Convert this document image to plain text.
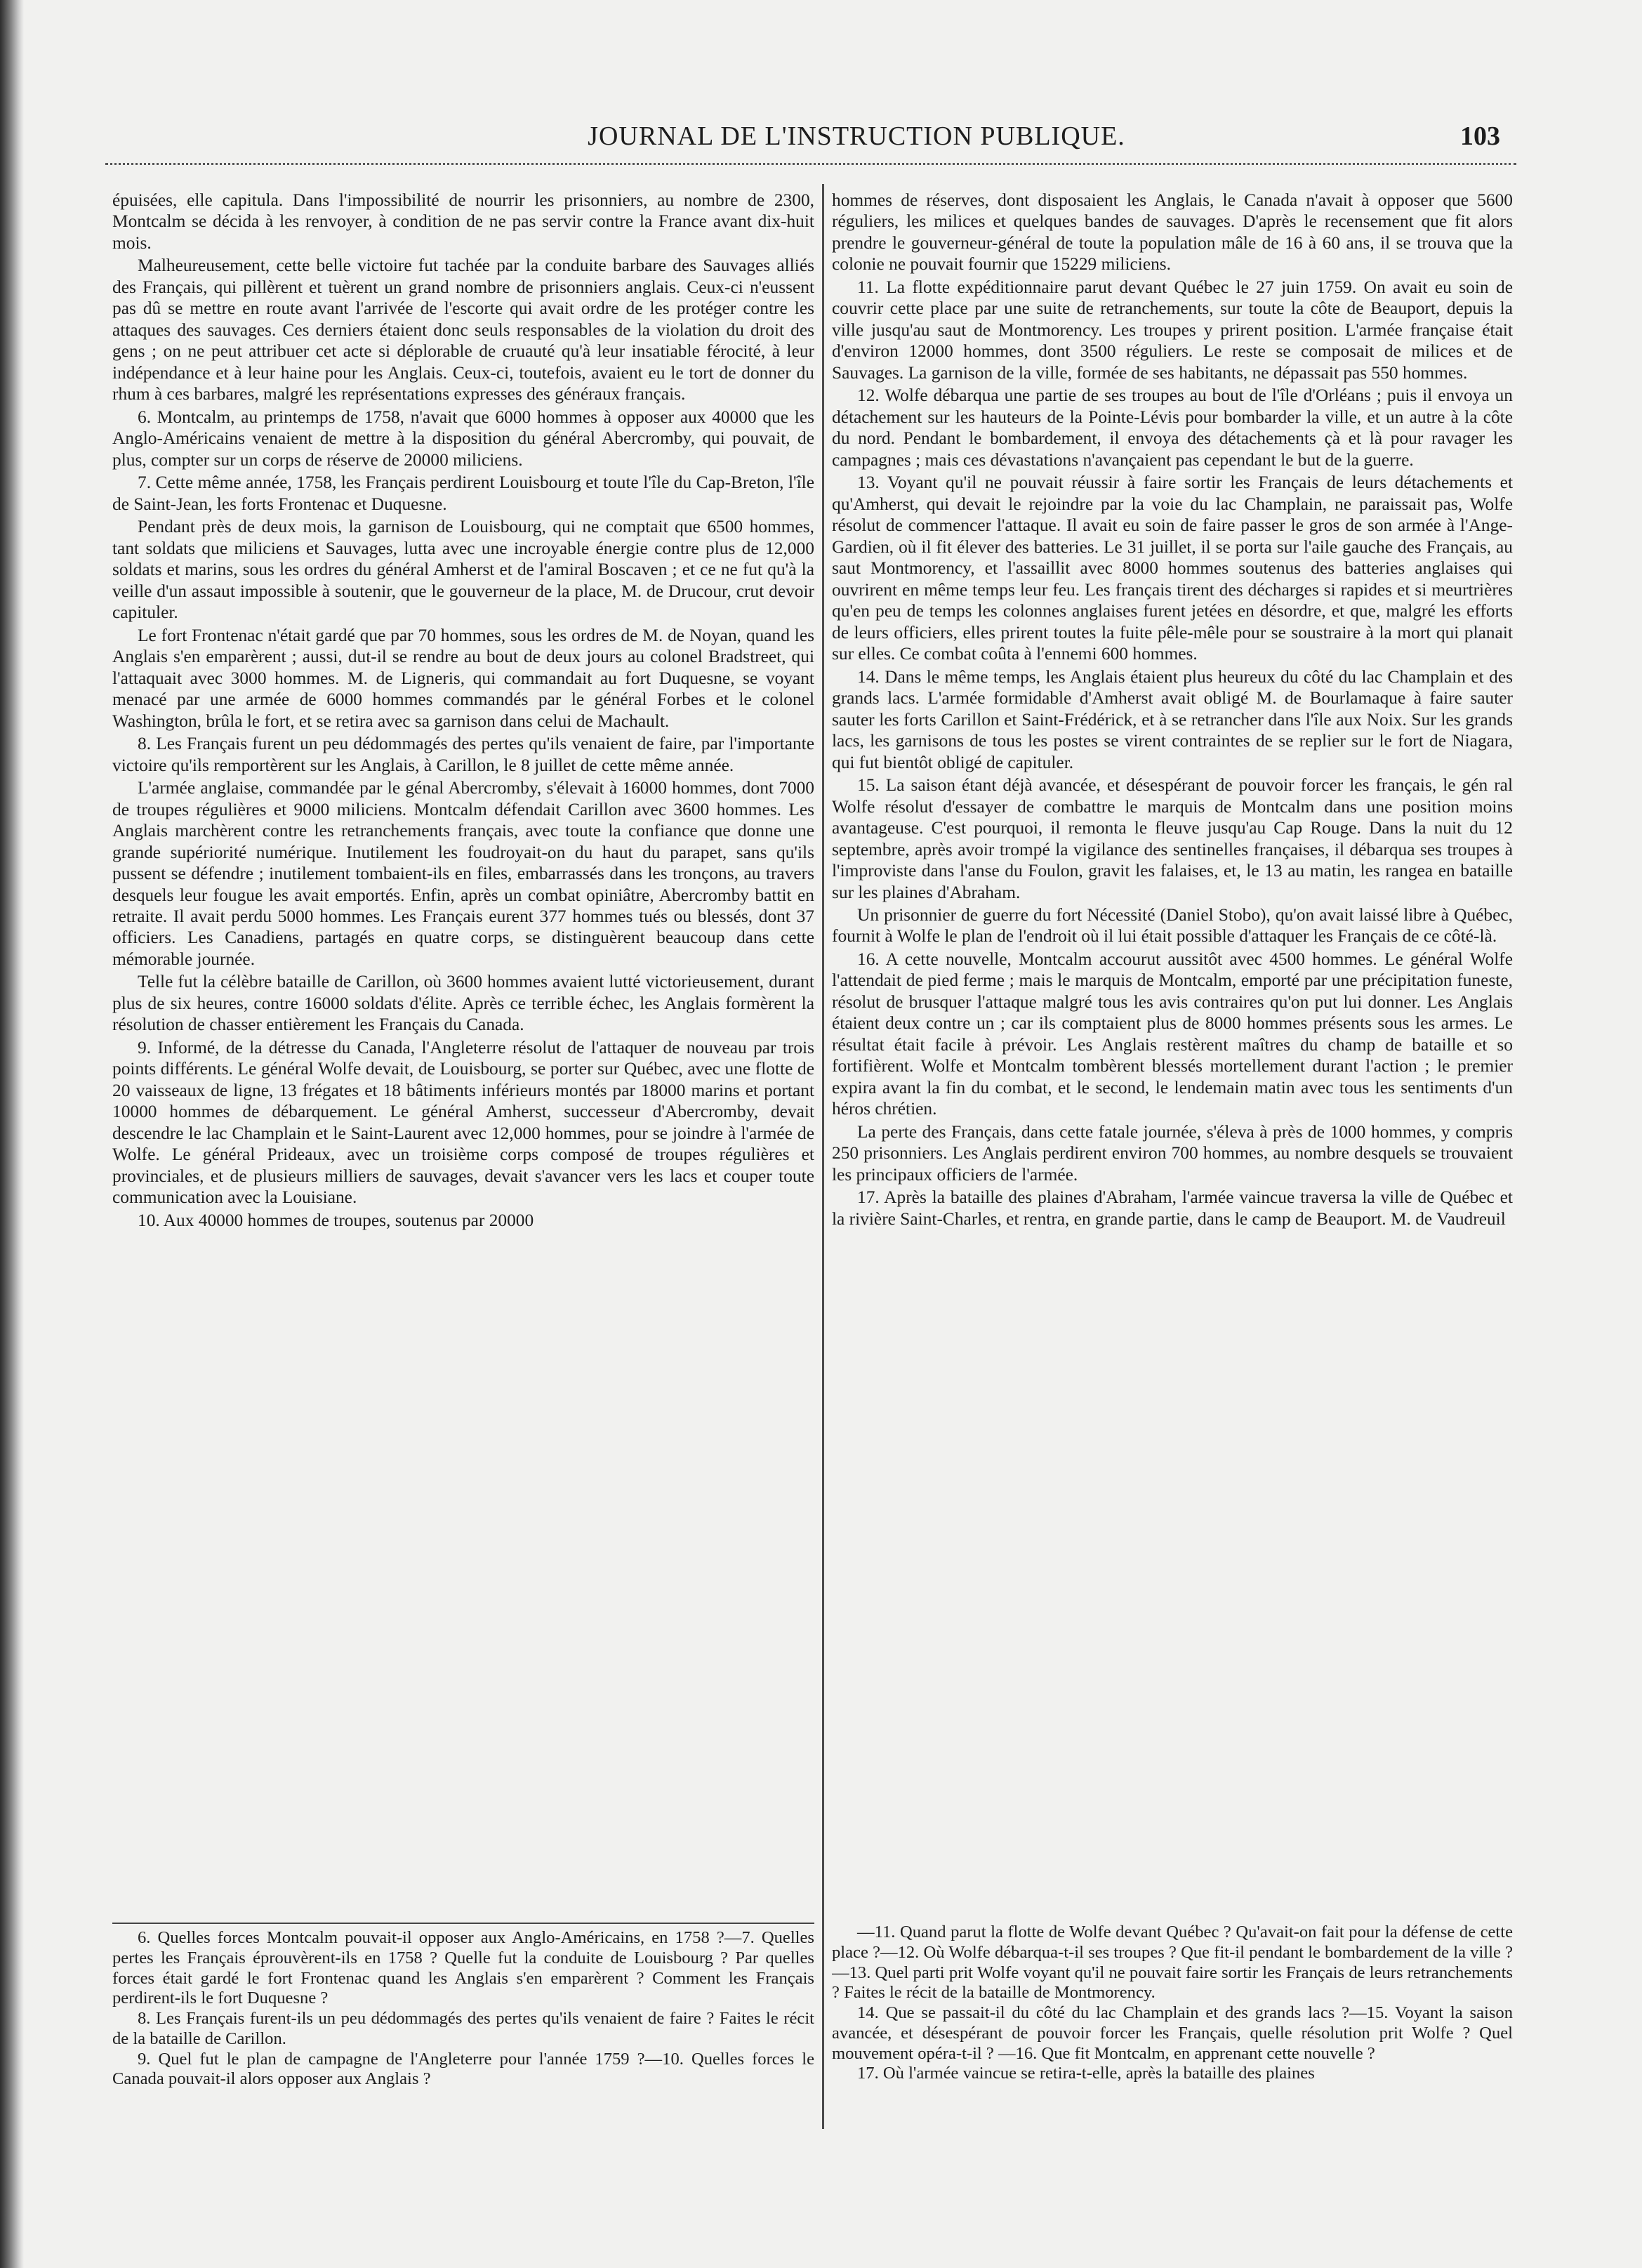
JOURNAL DE L'INSTRUCTION PUBLIQUE.	103

épuisées, elle capitula. Dans l'impossibilité de nourrir les prisonniers, au nombre de 2300, Montcalm se décida à les renvoyer, à condition de ne pas servir contre la France avant dix-huit mois.

Malheureusement, cette belle victoire fut tachée par la conduite barbare des Sauvages alliés des Français, qui pillèrent et tuèrent un grand nombre de prisonniers anglais. Ceux-ci n'eussent pas dû se mettre en route avant l'arrivée de l'escorte qui avait ordre de les protéger contre les attaques des sauvages. Ces derniers étaient donc seuls responsables de la violation du droit des gens ; on ne peut attribuer cet acte si déplorable de cruauté qu'à leur insatiable férocité, à leur indépendance et à leur haine pour les Anglais. Ceux-ci, toutefois, avaient eu le tort de donner du rhum à ces barbares, malgré les représentations expresses des généraux français.

6. Montcalm, au printemps de 1758, n'avait que 6000 hommes à opposer aux 40000 que les Anglo-Américains venaient de mettre à la disposition du général Abercromby, qui pouvait, de plus, compter sur un corps de réserve de 20000 miliciens.

7. Cette même année, 1758, les Français perdirent Louisbourg et toute l'île du Cap-Breton, l'île de Saint-Jean, les forts Frontenac et Duquesne.

Pendant près de deux mois, la garnison de Louisbourg, qui ne comptait que 6500 hommes, tant soldats que miliciens et Sauvages, lutta avec une incroyable énergie contre plus de 12,000 soldats et marins, sous les ordres du général Amherst et de l'amiral Boscaven ; et ce ne fut qu'à la veille d'un assaut impossible à soutenir, que le gouverneur de la place, M. de Drucour, crut devoir capituler.

Le fort Frontenac n'était gardé que par 70 hommes, sous les ordres de M. de Noyan, quand les Anglais s'en emparèrent ; aussi, dut-il se rendre au bout de deux jours au colonel Bradstreet, qui l'attaquait avec 3000 hommes. M. de Ligneris, qui commandait au fort Duquesne, se voyant menacé par une armée de 6000 hommes commandés par le général Forbes et le colonel Washington, brûla le fort, et se retira avec sa garnison dans celui de Machault.

8. Les Français furent un peu dédommagés des pertes qu'ils venaient de faire, par l'importante victoire qu'ils remportèrent sur les Anglais, à Carillon, le 8 juillet de cette même année.

L'armée anglaise, commandée par le génal Abercromby, s'élevait à 16000 hommes, dont 7000 de troupes régulières et 9000 miliciens. Montcalm défendait Carillon avec 3600 hommes. Les Anglais marchèrent contre les retranchements français, avec toute la confiance que donne une grande supériorité numérique. Inutilement les foudroyait-on du haut du parapet, sans qu'ils pussent se défendre ; inutilement tombaient-ils en files, embarrassés dans les tronçons, au travers desquels leur fougue les avait emportés. Enfin, après un combat opiniâtre, Abercromby battit en retraite. Il avait perdu 5000 hommes. Les Français eurent 377 hommes tués ou blessés, dont 37 officiers. Les Canadiens, partagés en quatre corps, se distinguèrent beaucoup dans cette mémorable journée.

Telle fut la célèbre bataille de Carillon, où 3600 hommes avaient lutté victorieusement, durant plus de six heures, contre 16000 soldats d'élite. Après ce terrible échec, les Anglais formèrent la résolution de chasser entièrement les Français du Canada.

9. Informé, de la détresse du Canada, l'Angleterre résolut de l'attaquer de nouveau par trois points différents. Le général Wolfe devait, de Louisbourg, se porter sur Québec, avec une flotte de 20 vaisseaux de ligne, 13 frégates et 18 bâtiments inférieurs montés par 18000 marins et portant 10000 hommes de débarquement. Le général Amherst, successeur d'Abercromby, devait descendre le lac Champlain et le Saint-Laurent avec 12,000 hommes, pour se joindre à l'armée de Wolfe. Le général Prideaux, avec un troisième corps composé de troupes régulières et provinciales, et de plusieurs milliers de sauvages, devait s'avancer vers les lacs et couper toute communication avec la Louisiane.

10. Aux 40000 hommes de troupes, soutenus par 20000

hommes de réserves, dont disposaient les Anglais, le Canada n'avait à opposer que 5600 réguliers, les milices et quelques bandes de sauvages. D'après le recensement que fit alors prendre le gouverneur-général de toute la population mâle de 16 à 60 ans, il se trouva que la colonie ne pouvait fournir que 15229 miliciens.

11. La flotte expéditionnaire parut devant Québec le 27 juin 1759. On avait eu soin de couvrir cette place par une suite de retranchements, sur toute la côte de Beauport, depuis la ville jusqu'au saut de Montmorency. Les troupes y prirent position. L'armée française était d'environ 12000 hommes, dont 3500 réguliers. Le reste se composait de milices et de Sauvages. La garnison de la ville, formée de ses habitants, ne dépassait pas 550 hommes.

12. Wolfe débarqua une partie de ses troupes au bout de l'île d'Orléans ; puis il envoya un détachement sur les hauteurs de la Pointe-Lévis pour bombarder la ville, et un autre à la côte du nord. Pendant le bombardement, il envoya des détachements çà et là pour ravager les campagnes ; mais ces dévastations n'avançaient pas cependant le but de la guerre.

13. Voyant qu'il ne pouvait réussir à faire sortir les Français de leurs détachements et qu'Amherst, qui devait le rejoindre par la voie du lac Champlain, ne paraissait pas, Wolfe résolut de commencer l'attaque. Il avait eu soin de faire passer le gros de son armée à l'Ange-Gardien, où il fit élever des batteries. Le 31 juillet, il se porta sur l'aile gauche des Français, au saut Montmorency, et l'assaillit avec 8000 hommes soutenus des batteries anglaises qui ouvrirent en même temps leur feu. Les français tirent des décharges si rapides et si meurtrières qu'en peu de temps les colonnes anglaises furent jetées en désordre, et que, malgré les efforts de leurs officiers, elles prirent toutes la fuite pêle-mêle pour se soustraire à la mort qui planait sur elles. Ce combat coûta à l'ennemi 600 hommes.

14. Dans le même temps, les Anglais étaient plus heureux du côté du lac Champlain et des grands lacs. L'armée formidable d'Amherst avait obligé M. de Bourlamaque à faire sauter sauter les forts Carillon et Saint-Frédérick, et à se retrancher dans l'île aux Noix. Sur les grands lacs, les garnisons de tous les postes se virent contraintes de se replier sur le fort de Niagara, qui fut bientôt obligé de capituler.

15. La saison étant déjà avancée, et désespérant de pouvoir forcer les français, le gén ral Wolfe résolut d'essayer de combattre le marquis de Montcalm dans une position moins avantageuse. C'est pourquoi, il remonta le fleuve jusqu'au Cap Rouge. Dans la nuit du 12 septembre, après avoir trompé la vigilance des sentinelles françaises, il débarqua ses troupes à l'improviste dans l'anse du Foulon, gravit les falaises, et, le 13 au matin, les rangea en bataille sur les plaines d'Abraham.

Un prisonnier de guerre du fort Nécessité (Daniel Stobo), qu'on avait laissé libre à Québec, fournit à Wolfe le plan de l'endroit où il lui était possible d'attaquer les Français de ce côté-là.

16. A cette nouvelle, Montcalm accourut aussitôt avec 4500 hommes. Le général Wolfe l'attendait de pied ferme ; mais le marquis de Montcalm, emporté par une précipitation funeste, résolut de brusquer l'attaque malgré tous les avis contraires qu'on put lui donner. Les Anglais étaient deux contre un ; car ils comptaient plus de 8000 hommes présents sous les armes. Le résultat était facile à prévoir. Les Anglais restèrent maîtres du champ de bataille et so fortifièrent. Wolfe et Montcalm tombèrent blessés mortellement durant l'action ; le premier expira avant la fin du combat, et le second, le lendemain matin avec tous les sentiments d'un héros chrétien.

La perte des Français, dans cette fatale journée, s'éleva à près de 1000 hommes, y compris 250 prisonniers. Les Anglais perdirent environ 700 hommes, au nombre desquels se trouvaient les principaux officiers de l'armée.

17. Après la bataille des plaines d'Abraham, l'armée vaincue traversa la ville de Québec et la rivière Saint-Charles, et rentra, en grande partie, dans le camp de Beauport. M. de Vaudreuil

6. Quelles forces Montcalm pouvait-il opposer aux Anglo-Américains, en 1758 ?—7. Quelles pertes les Français éprouvèrent-ils en 1758 ? Quelle fut la conduite de Louisbourg ? Par quelles forces était gardé le fort Frontenac quand les Anglais s'en emparèrent ? Comment les Français perdirent-ils le fort Duquesne ?

8. Les Français furent-ils un peu dédommagés des pertes qu'ils venaient de faire ? Faites le récit de la bataille de Carillon.

9. Quel fut le plan de campagne de l'Angleterre pour l'année 1759 ?—10. Quelles forces le Canada pouvait-il alors opposer aux Anglais ?

—11. Quand parut la flotte de Wolfe devant Québec ? Qu'avait-on fait pour la défense de cette place ?—12. Où Wolfe débarqua-t-il ses troupes ? Que fit-il pendant le bombardement de la ville ?—13. Quel parti prit Wolfe voyant qu'il ne pouvait faire sortir les Français de leurs retranchements ? Faites le récit de la bataille de Montmorency.

14. Que se passait-il du côté du lac Champlain et des grands lacs ?—15. Voyant la saison avancée, et désespérant de pouvoir forcer les Français, quelle résolution prit Wolfe ? Quel mouvement opéra-t-il ? —16. Que fit Montcalm, en apprenant cette nouvelle ?

17. Où l'armée vaincue se retira-t-elle, après la bataille des plaines
